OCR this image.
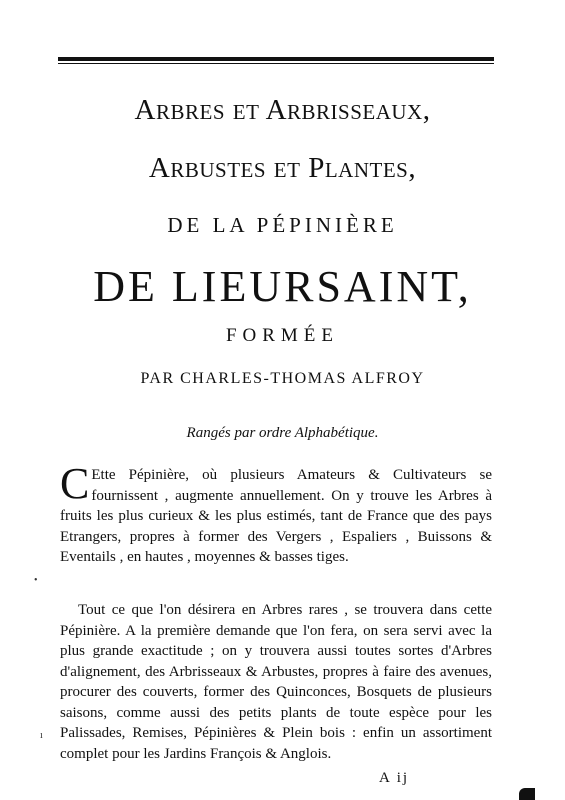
ARBRES ET ARBRISSEAUX,
ARBUSTES ET PLANTES,
DE LA PÉPINIÈRE
DE LIEURSAINT,
FORMÉE
PAR CHARLES-THOMAS ALFROY
Rangés par ordre Alphabétique.
C Ette Pépinière, où plusieurs Amateurs & Cultivateurs se fournissent , augmente annuellement. On y trouve les Arbres à fruits les plus curieux & les plus estimés, tant de France que des pays Etrangers, propres à former des Vergers , Espaliers , Buissons & Eventails , en hautes , moyennes & basses tiges.
Tout ce que l'on désirera en Arbres rares , se trouvera dans cette Pépinière. A la première demande que l'on fera, on sera servi avec la plus grande exactitude ; on y trouvera aussi toutes sortes d'Arbres d'alignement, des Arbrisseaux & Arbustes, propres à faire des avenues, procurer des couverts, former des Quinconces, Bosquets de plusieurs saisons, comme aussi des petits plants de toute espèce pour les Palissades, Remises, Pépinières & Plein bois : enfin un assortiment complet pour les Jardins François & Anglois.
A ij
•
ı
